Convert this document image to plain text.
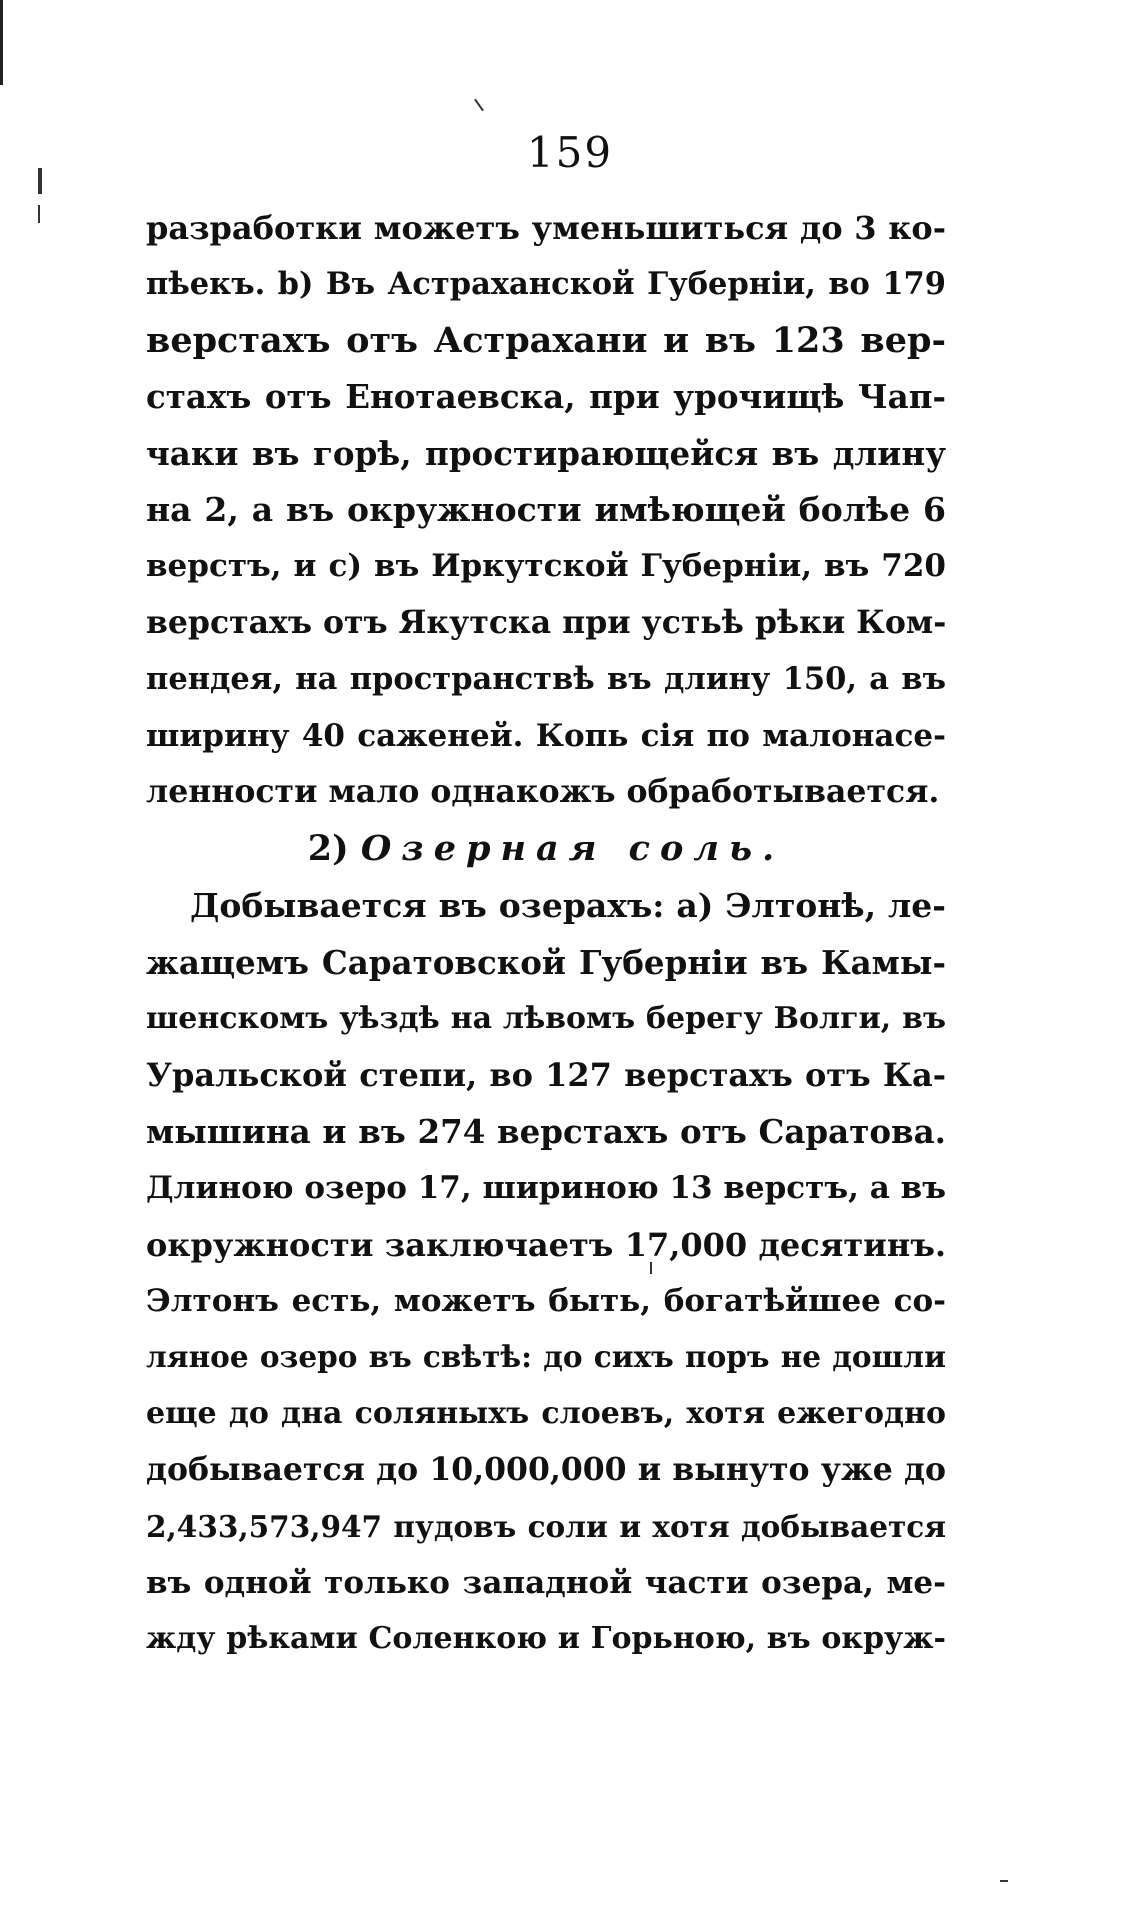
159
разработки можетъ уменьшиться до 3 ко-
пѣекъ. b) Въ Астраханской Губерніи, во 179
верстахъ отъ Астрахани и въ 123 вер-
стахъ отъ Енотаевска, при урочищѣ Чап-
чаки въ горѣ, простирающейся въ длину
на 2, а въ окружности имѣющей болѣе 6
верстъ, и с) въ Иркутской Губерніи, въ 720
верстахъ отъ Якутска при устьѣ рѣки Ком-
пендея, на пространствѣ въ длину 150, а въ
ширину 40 саженей. Копь сія по малонасе-
ленности мало однакожъ обработывается.
2) Озерная соль.
Добывается въ озерахъ: а) Элтонѣ, ле-
жащемъ Саратовской Губерніи въ Камы-
шенскомъ уѣздѣ на лѣвомъ берегу Волги, въ
Уральской степи, во 127 верстахъ отъ Ка-
мышина и въ 274 верстахъ отъ Саратова.
Длиною озеро 17, шириною 13 верстъ, а въ
окружности заключаетъ 17,000 десятинъ.
Элтонъ есть, можетъ быть, богатѣйшее со-
ляное озеро въ свѣтѣ: до сихъ поръ не дошли
еще до дна соляныхъ слоевъ, хотя ежегодно
добывается до 10,000,000 и вынуто уже до
2,433,573,947 пудовъ соли и хотя добывается
въ одной только западной части озера, ме-
жду рѣками Соленкою и Горьною, въ окруж-
